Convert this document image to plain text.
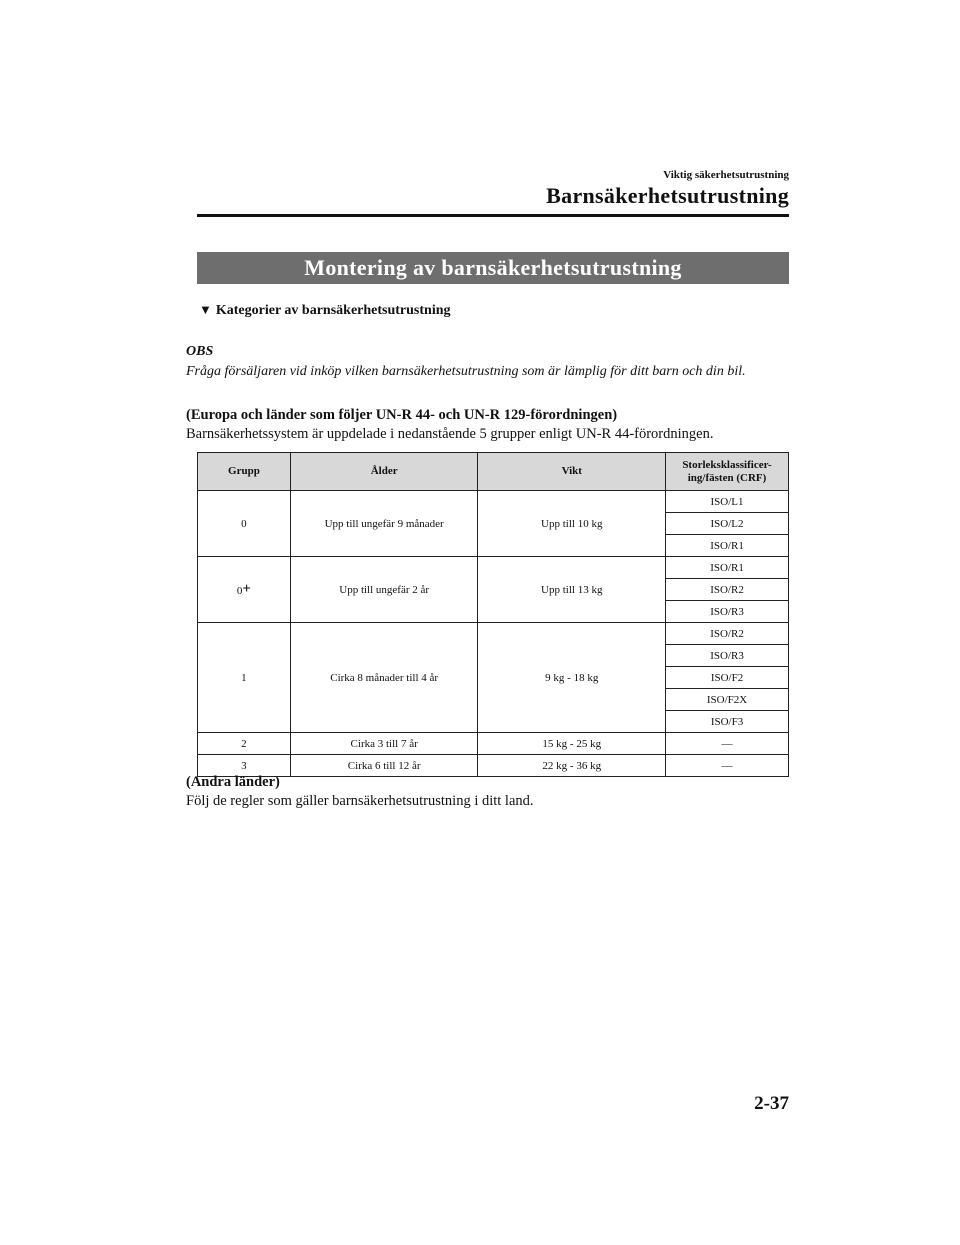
Viktig säkerhetsutrustning
Barnsäkerhetsutrustning
Montering av barnsäkerhetsutrustning
▼ Kategorier av barnsäkerhetsutrustning
OBS
Fråga försäljaren vid inköp vilken barnsäkerhetsutrustning som är lämplig för ditt barn och din bil.
(Europa och länder som följer UN-R 44- och UN-R 129-förordningen)
Barnsäkerhetssystem är uppdelade i nedanstående 5 grupper enligt UN-R 44-förordningen.
Grupp	Ålder	Vikt	Storleksklassificer-ing/fästen (CRF)
0	Upp till ungefär 9 månader	Upp till 10 kg	ISO/L1
			ISO/L2
			ISO/R1
0+	Upp till ungefär 2 år	Upp till 13 kg	ISO/R1
			ISO/R2
			ISO/R3
1	Cirka 8 månader till 4 år	9 kg - 18 kg	ISO/R2
			ISO/R3
			ISO/F2
			ISO/F2X
			ISO/F3
2	Cirka 3 till 7 år	15 kg - 25 kg	—
3	Cirka 6 till 12 år	22 kg - 36 kg	—
(Andra länder)
Följ de regler som gäller barnsäkerhetsutrustning i ditt land.
2-37
